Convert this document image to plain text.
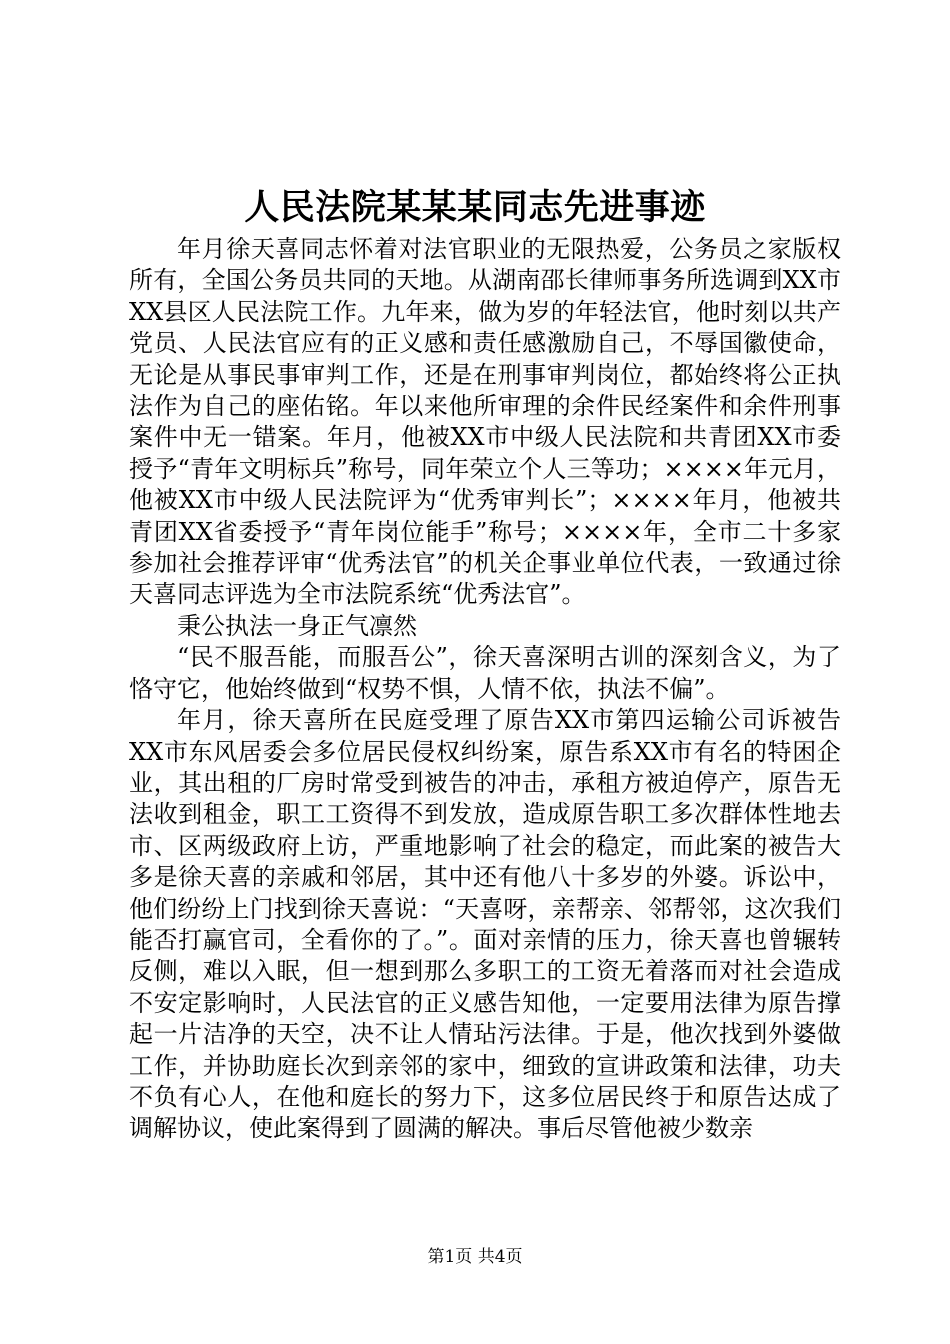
人民法院某某某同志先进事迹

年月徐天喜同志怀着对法官职业的无限热爱，公务员之家版权所有，全国公务员共同的天地。从湖南邵长律师事务所选调到XX市XX县区人民法院工作。九年来，做为岁的年轻法官，他时刻以共产党员、人民法官应有的正义感和责任感激励自己，不辱国徽使命，无论是从事民事审判工作，还是在刑事审判岗位，都始终将公正执法作为自己的座佑铭。年以来他所审理的余件民经案件和余件刑事案件中无一错案。年月，他被XX市中级人民法院和共青团XX市委授予“青年文明标兵”称号，同年荣立个人三等功；××××年元月，他被XX市中级人民法院评为“优秀审判长”；××××年月，他被共青团XX省委授予“青年岗位能手”称号；××××年，全市二十多家参加社会推荐评审“优秀法官”的机关企事业单位代表，一致通过徐天喜同志评选为全市法院系统“优秀法官”。

秉公执法一身正气凛然

“民不服吾能，而服吾公”，徐天喜深明古训的深刻含义，为了恪守它，他始终做到“权势不惧，人情不依，执法不偏”。

年月，徐天喜所在民庭受理了原告XX市第四运输公司诉被告XX市东风居委会多位居民侵权纠纷案，原告系XX市有名的特困企业，其出租的厂房时常受到被告的冲击，承租方被迫停产，原告无法收到租金，职工工资得不到发放，造成原告职工多次群体性地去市、区两级政府上访，严重地影响了社会的稳定，而此案的被告大多是徐天喜的亲戚和邻居，其中还有他八十多岁的外婆。诉讼中，他们纷纷上门找到徐天喜说：“天喜呀，亲帮亲、邻帮邻，这次我们能否打赢官司，全看你的了。”。面对亲情的压力，徐天喜也曾辗转反侧，难以入眠，但一想到那么多职工的工资无着落而对社会造成不安定影响时，人民法官的正义感告知他，一定要用法律为原告撑起一片洁净的天空，决不让人情玷污法律。于是，他次找到外婆做工作，并协助庭长次到亲邻的家中，细致的宣讲政策和法律，功夫不负有心人，在他和庭长的努力下，这多位居民终于和原告达成了调解协议，使此案得到了圆满的解决。事后尽管他被少数亲

第1页 共4页
